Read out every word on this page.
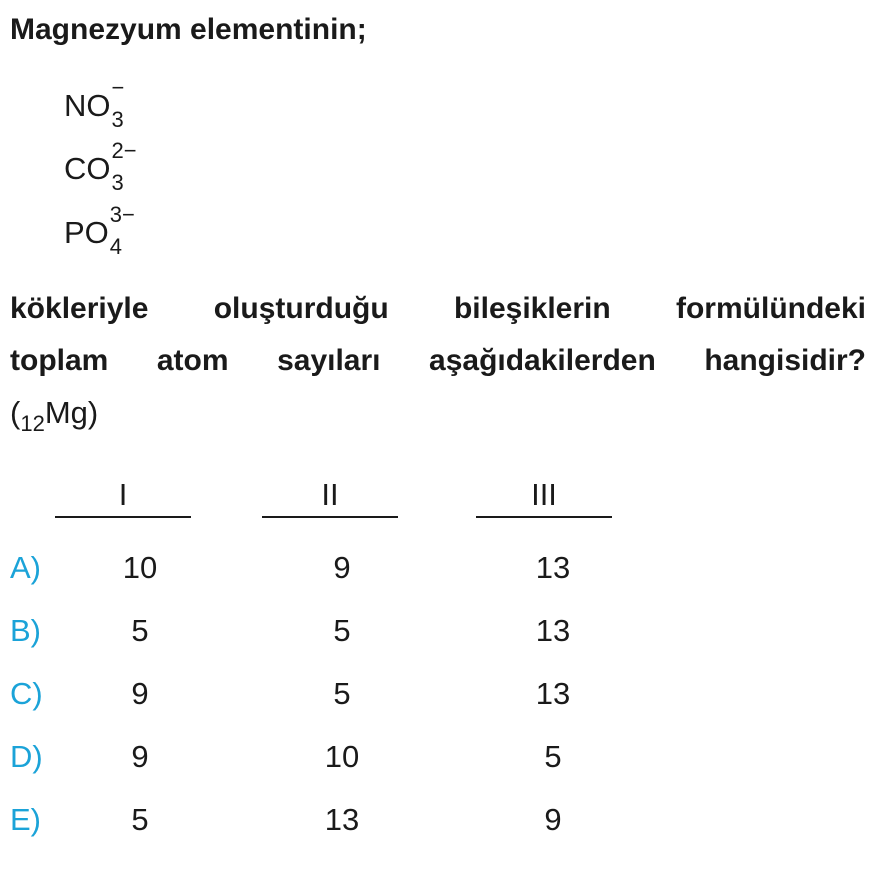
Magnezyum elementinin;
NO
−
3
CO
2−
3
PO
3−
4
kökleriyle oluşturduğu bileşiklerin formülündeki
toplam atom sayıları aşağıdakilerden hangisidir?
$(_{12}Mg)$
I	II	III
A)	10	9	13
B)	5	5	13
C)	9	5	13
D)	9	10	5
E)	5	13	9
